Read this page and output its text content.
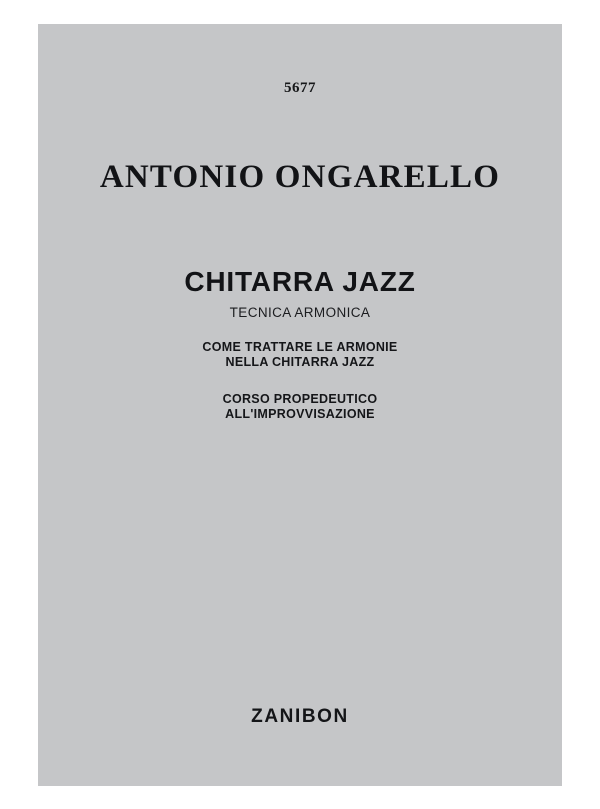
5677
ANTONIO ONGARELLO
CHITARRA JAZZ
TECNICA ARMONICA
COME TRATTARE LE ARMONIE
NELLA CHITARRA JAZZ
CORSO PROPEDEUTICO
ALL'IMPROVVISAZIONE
ZANIBON
